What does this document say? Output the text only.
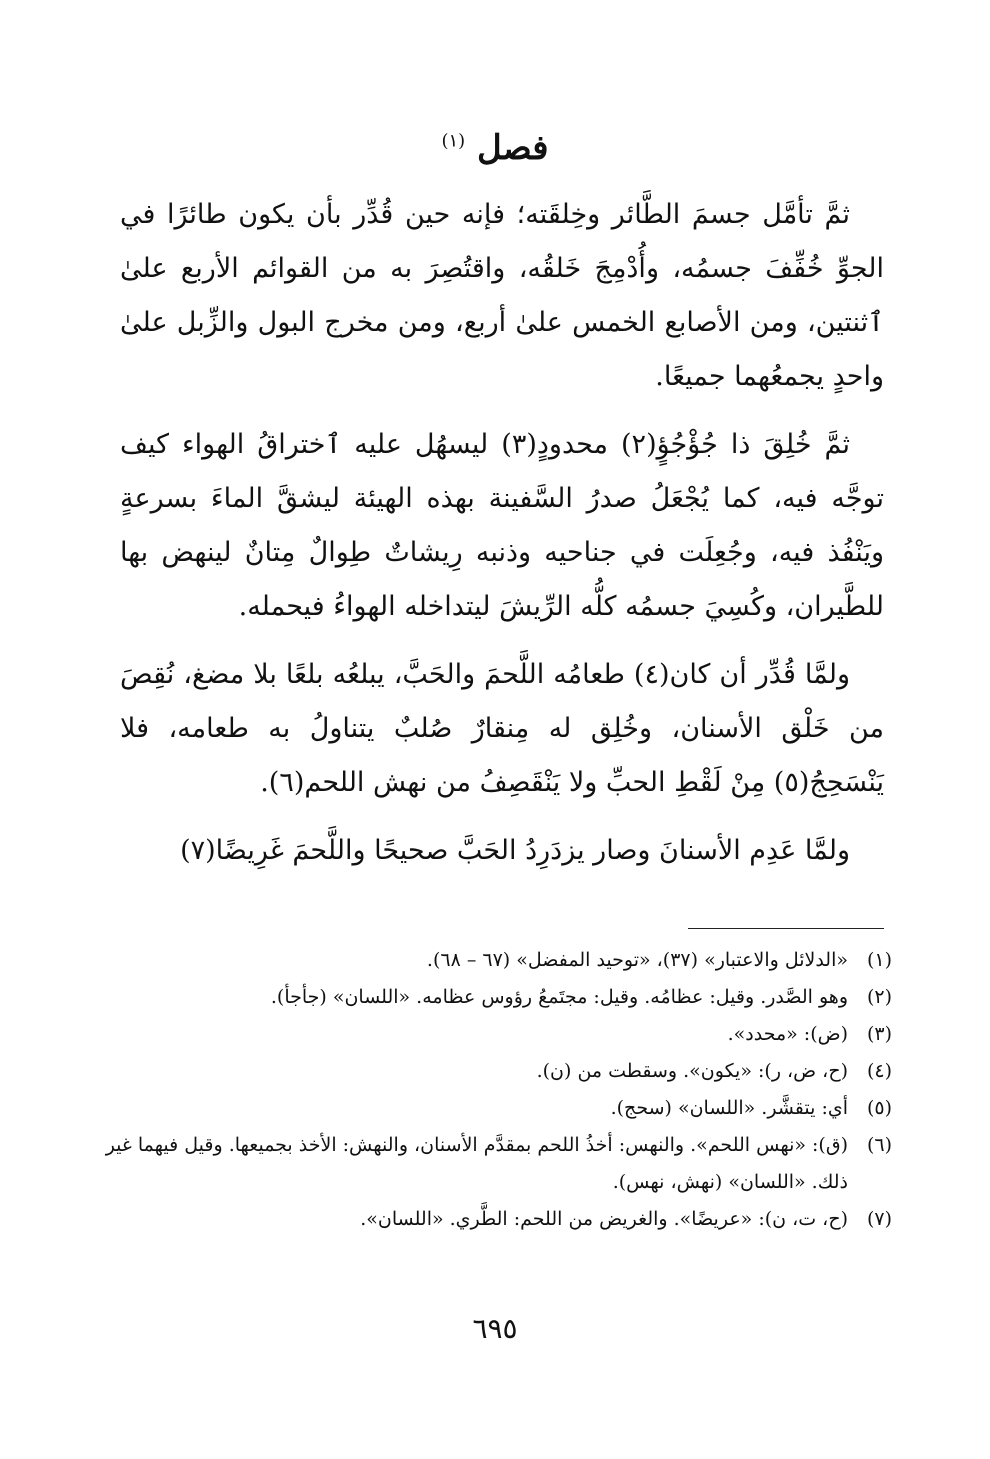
فصل $^{(١)}$

ثمَّ تأمَّل جسمَ الطَّائر وخِلقَته؛ فإنه حين قُدِّر بأن يكون طائرًا في الجوِّ خُفِّفَ جسمُه، وأُدْمِجَ خَلقُه، واقتُصِرَ به من القوائم الأربع علىٰ ٱثنتين، ومن الأصابع الخمس علىٰ أربع، ومن مخرج البول والزِّبل علىٰ واحدٍ يجمعُهما جميعًا.

ثمَّ خُلِقَ ذا جُؤْجُؤٍ(٢) محدودٍ(٣) ليسهُل عليه ٱختراقُ الهواء كيف توجَّه فيه، كما يُجْعَلُ صدرُ السَّفينة بهذه الهيئة ليشقَّ الماءَ بسرعةٍ ويَنْفُذ فيه، وجُعِلَت في جناحيه وذنبه رِيشاتٌ طِوالٌ مِتانٌ لينهض بها للطَّيران، وكُسِيَ جسمُه كلُّه الرِّيشَ ليتداخله الهواءُ فيحمله.

ولمَّا قُدِّر أن كان(٤) طعامُه اللَّحمَ والحَبَّ، يبلعُه بلعًا بلا مضغ، نُقِصَ من خَلْق الأسنان، وخُلِق له مِنقارٌ صُلبٌ يتناولُ به طعامه، فلا يَنْسَحِجُ(٥) مِنْ لَقْطِ الحبِّ ولا يَنْقَصِفُ من نهش اللحم(٦).

ولمَّا عَدِم الأسنانَ وصار يزدَرِدُ الحَبَّ صحيحًا واللَّحمَ غَرِيضًا(٧)

(١)
«الدلائل والاعتبار» (٣٧)، «توحيد المفضل» (٦٧ – ٦٨).
(٢)
وهو الصَّدر. وقيل: عظامُه. وقيل: مجتَمعُ رؤوس عظامه. «اللسان» (جأجأ).
(٣)
(ض): «محدد».
(٤)
(ح، ض، ر): «يكون». وسقطت من (ن).
(٥)
أي: يتقشَّر. «اللسان» (سحج).
(٦)
(ق): «نهس اللحم». والنهس: أخذُ اللحم بمقدَّم الأسنان، والنهش: الأخذ بجميعها. وقيل فيهما غير ذلك. «اللسان» (نهش، نهس).
(٧)
(ح، ت، ن): «عريضًا». والغريض من اللحم: الطَّري. «اللسان».
٦٩٥
